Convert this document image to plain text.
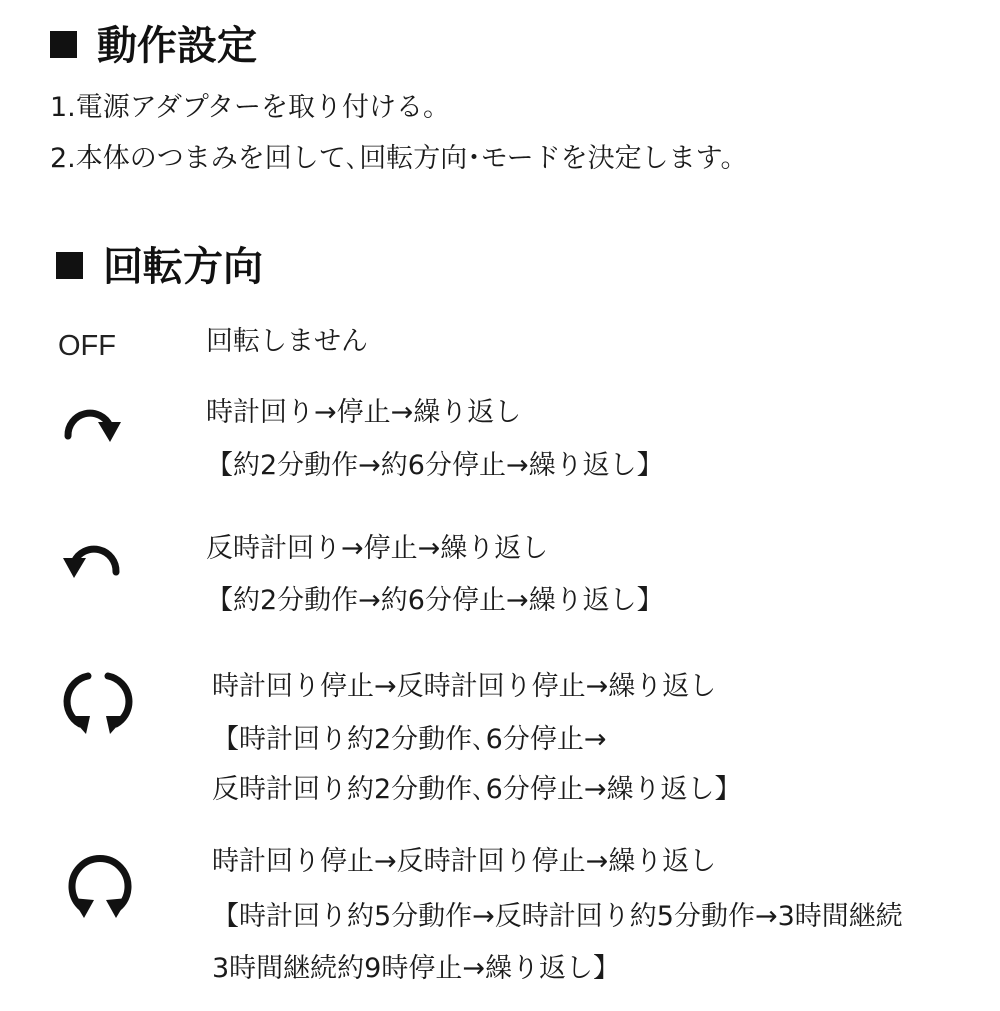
動作設定
1.電源アダプターを取り付ける。
2.本体のつまみを回して､回転方向･モードを決定します。
回転方向
OFF	回転しません
時計回り→停止→繰り返し
【約2分動作→約6分停止→繰り返し】
反時計回り→停止→繰り返し
【約2分動作→約6分停止→繰り返し】
時計回り停止→反時計回り停止→繰り返し
【時計回り約2分動作､6分停止→
反時計回り約2分動作､6分停止→繰り返し】
時計回り停止→反時計回り停止→繰り返し
【時計回り約5分動作→反時計回り約5分動作→3時間継続
3時間継続約9時停止→繰り返し】
